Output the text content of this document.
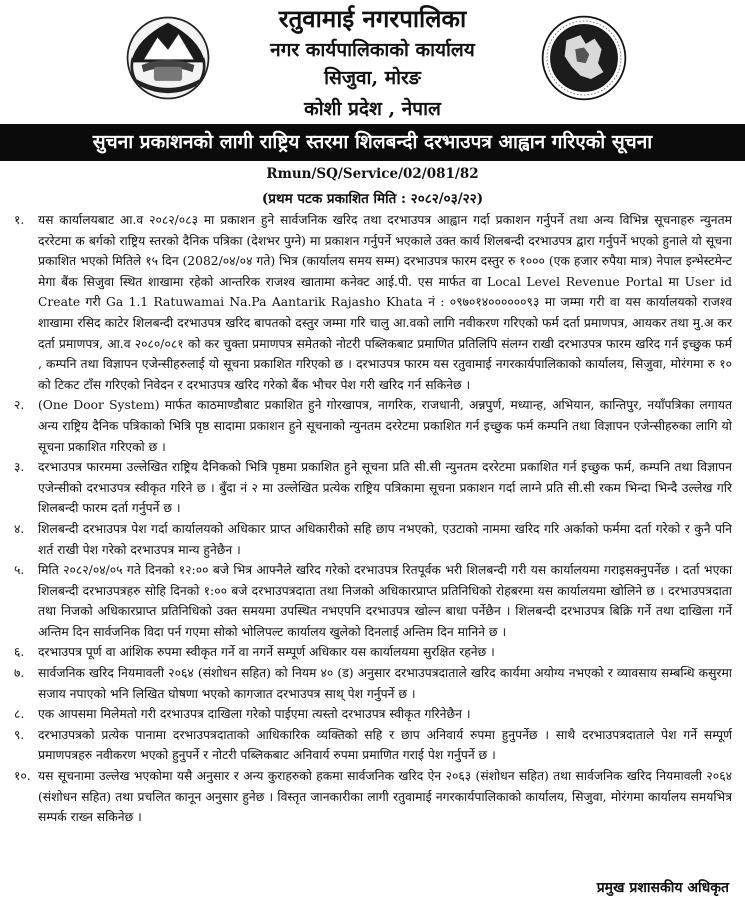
रतुवामाई नगरपालिका
नगर कार्यपालिकाको कार्यालय
सिजुवा, मोरङ
कोशी प्रदेश , नेपाल
सुचना प्रकाशनको लागी राष्ट्रिय स्तरमा शिलबन्दी दरभाउपत्र आह्वान गरिएको सूचना
Rmun/SQ/Service/02/081/82
(प्रथम पटक प्रकाशित मिति : २०८२/०३/२२)
१. यस कार्यालयबाट आ.व २०८२/०८३ मा प्रकाशन हुने सार्वजनिक खरिद तथा दरभाउपत्र आह्वान गर्दा प्रकाशन गर्नुपर्ने तथा अन्य विभिन्न सूचनाहरु न्युनतम दररेटमा क बर्गको राष्ट्रिय स्तरको दैनिक पत्रिका (देशभर पुग्ने) मा प्रकाशन गर्नुपर्ने भएकाले उक्त कार्य शिलबन्दी दरभाउपत्र द्वारा गर्नुपर्ने भएको हुनाले यो सूचना प्रकाशित भएको मितिले १५ दिन (2082/०४/०४ गते) भित्र (कार्यालय समय सम्म) दरभाउपत्र फारम दस्तुर रु १००० (एक हजार रुपैया मात्र) नेपाल इन्भेस्टमेन्ट मेगा बैंक सिजुवा स्थित शाखामा रहेको आन्तरिक राजश्व खातामा कनेक्ट आई.पी. एस मार्फत वा Local Level Revenue Portal मा User id Create गरी Ga 1.1 Ratuwamai Na.Pa Aantarik Rajasho Khata नं : ०९७०१४००००००९३ मा जम्मा गरी वा यस कार्यालयको राजश्व शाखामा रसिद काटेर शिलबन्दी दरभाउपत्र खरिद बापतको दस्तुर जम्मा गरि चालु आ.वको लागि नवीकरण गरिएको फर्म दर्ता प्रमाणपत्र, आयकर तथा मु.अ कर दर्ता प्रमाणपत्र, आ.व २०८०/०८१ को कर चुक्ता प्रमाणपत्र समेतको नोटरी पब्लिकबाट प्रमाणित प्रतिलिपि संलग्न राखी दरभाउपत्र फारम खरिद गर्न इच्छुक फर्म , कम्पनि तथा विज्ञापन एजेन्सीहरुलाई यो सूचना प्रकाशित गरिएको छ । दरभाउपत्र फारम यस रतुवामाई नगरकार्यपालिकाको कार्यालय, सिजुवा, मोरंगमा रु १० को टिकट टाँस गरिएको निवेदन र दरभाउपत्र खरिद गरेको बैंक भौचर पेश गरी खरिद गर्न सकिनेछ ।
२. (One Door System) मार्फत काठमाण्डौबाट प्रकाशित हुने गोरखापत्र, नागरिक, राजधानी, अन्नपुर्ण, मध्यान्ह, अभियान, कान्तिपुर, नयाँपत्रिका लगायत अन्य राष्ट्रिय दैनिक पत्रिकाको भित्रि पृष्ठ सादामा प्रकाशन हुने सूचनाको न्युनतम दररेटमा प्रकाशित गर्न इच्छुक फर्म कम्पनि तथा विज्ञापन एजेन्सीहरुका लागि यो सूचना प्रकाशित गरिएको छ ।
३. दरभाउपत्र फारममा उल्लेखित राष्ट्रिय दैनिकको भित्रि पृष्ठमा प्रकाशित हुने सूचना प्रति सी.सी न्युनतम दररेटमा प्रकाशित गर्न इच्छुक फर्म, कम्पनि तथा विज्ञापन एजेन्सीको दरभाउपत्र स्वीकृत गरिने छ । बुँदा नं २ मा उल्लेखित प्रत्येक राष्ट्रिय पत्रिकामा सूचना प्रकाशन गर्दा लाग्ने प्रति सी.सी रकम भिन्दा भिन्दै उल्लेख गरि शिलबन्दी फारम दर्ता गर्नुपर्ने छ ।
४. शिलबन्दी दरभाउपत्र पेश गर्दा कार्यालयको अधिकार प्राप्त अधिकारीको सहि छाप नभएको, एउटाको नाममा खरिद गरि अर्काको फर्ममा दर्ता गरेको र कुनै पनि शर्त राखी पेश गरेको दरभाउपत्र मान्य हुनेछैन ।
५. मिति २०८२/०४/०५ गते दिनको १२:०० बजे भित्र आफ्नैले खरिद गरेको दरभाउपत्र रितपूर्वक भरी शिलबन्दी गरी यस कार्यालयमा गराइसक्नुपर्नेछ । दर्ता भएका शिलबन्दी दरभाउपत्रहरु सोहि दिनको १:०० बजे दरभाउपत्रदाता तथा निजको अधिकारप्राप्त प्रतिनिधिको रोहबरमा यस कार्यालयमा खोलिने छ । दरभाउपत्रदाता तथा निजको अधिकारप्राप्त प्रतिनिधिको उक्त समयमा उपस्थित नभएपनि दरभाउपत्र खोल्न बाधा पर्नेछैन । शिलबन्दी दरभाउपत्र बिक्रि गर्ने तथा दाखिला गर्ने अन्तिम दिन सार्वजनिक विदा पर्न गएमा सोको भोलिपल्ट कार्यालय खुलेको दिनलाई अन्तिम दिन मानिने छ ।
६. दरभाउपत्र पूर्ण वा आंशिक रुपमा स्वीकृत गर्ने वा नगर्ने सम्पूर्ण अधिकार यस कार्यालयमा सुरक्षित रहनेछ ।
७. सार्वजनिक खरिद नियमावली २०६४ (संशोधन सहित) को नियम ४० (ड) अनुसार दरभाउपत्रदाताले खरिद कार्यमा अयोग्य नभएको र व्यावसाय सम्बन्धि कसुरमा सजाय नपाएको भनि लिखित घोषणा भएको कागजात दरभाउपत्र साथ् पेश गर्नुपर्ने छ ।
८. एक आपसमा मिलेमतो गरी दरभाउपत्र दाखिला गरेको पाईएमा त्यस्तो दरभाउपत्र स्वीकृत गरिनेछैन ।
९. दरभाउपत्रको प्रत्येक पानामा दरभाउपत्रदाताको आधिकारिक व्यक्तिको सहि र छाप अनिवार्य रुपमा हुनुपर्नेछ । साथै दरभाउपत्रदाताले पेश गर्ने सम्पूर्ण प्रमाणपत्रहरु नवीकरण भएको हुनुपर्ने र नोटरी पब्लिकबाट अनिवार्य रुपमा प्रमाणित गराई पेश गर्नुपर्ने छ ।
१०. यस सूचनामा उल्लेख भएकोमा यसै अनुसार र अन्य कुराहरुको हकमा सार्वजनिक खरिद ऐन २०६३ (संशोधन सहित) तथा सार्वजनिक खरिद नियमावली २०६४ (संशोधन सहित) तथा प्रचलित कानून अनुसार हुनेछ । विस्तृत जानकारीका लागी रतुवामाई नगरकार्यपालिकाको कार्यालय, सिजुवा, मोरंगमा कार्यालय समयभित्र सम्पर्क राख्न सकिनेछ ।
प्रमुख प्रशासकीय अधिकृत
